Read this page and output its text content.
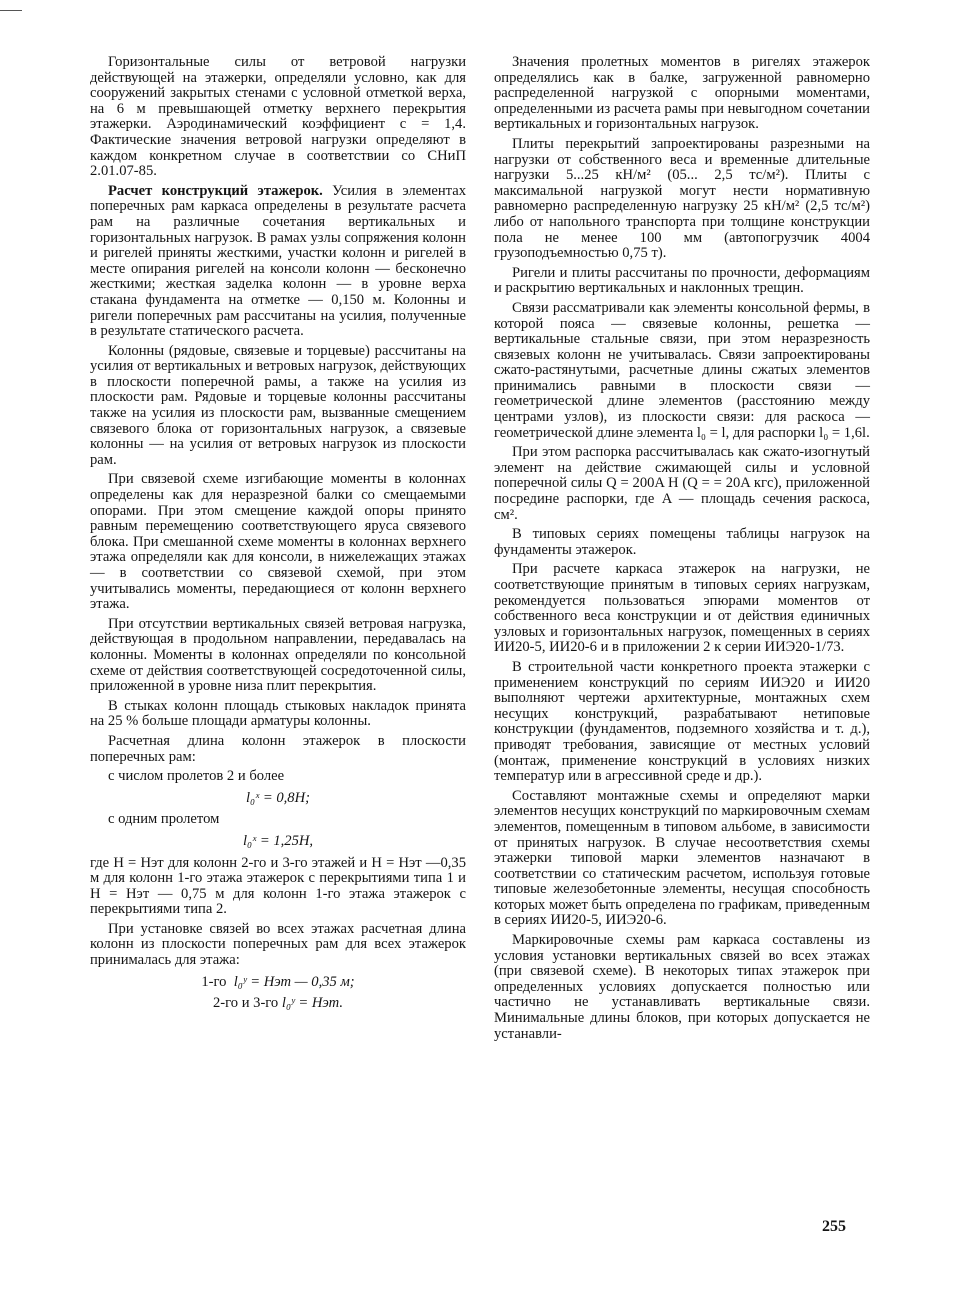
Горизонтальные силы от ветровой нагрузки действующей на этажерки, определяли условно, как для сооружений закрытых стенами с условной отметкой верха, на 6 м превышающей отметку верхнего перекрытия этажерки. Аэродинамический коэффициент c = 1,4. Фактические значения ветровой нагрузки определяют в каждом конкретном случае в соответствии со СНиП 2.01.07-85.

Расчет конструкций этажерок. Усилия в элементах поперечных рам каркаса определены в результате расчета рам на различные сочетания вертикальных и горизонтальных нагрузок. В рамах узлы сопряжения колонн и ригелей приняты жесткими, участки колонн и ригелей в месте опирания ригелей на консоли колонн — бесконечно жесткими; жесткая заделка колонн — в уровне верха стакана фундамента на отметке — 0,150 м. Колонны и ригели поперечных рам рассчитаны на усилия, полученные в результате статического расчета.

Колонны (рядовые, связевые и торцевые) рассчитаны на усилия от вертикальных и ветровых нагрузок, действующих в плоскости поперечной рамы, а также на усилия из плоскости рам. Рядовые и торцевые колонны рассчитаны также на усилия из плоскости рам, вызванные смещением связевого блока от горизонтальных нагрузок, а связевые колонны — на усилия от ветровых нагрузок из плоскости рам.

При связевой схеме изгибающие моменты в колоннах определены как для неразрезной балки со смещаемыми опорами. При этом смещение каждой опоры принято равным перемещению соответствующего яруса связевого блока. При смешанной схеме моменты в колоннах верхнего этажа определяли как для консоли, в нижележащих этажах — в соответствии со связевой схемой, при этом учитывались моменты, передающиеся от колонн верхнего этажа.

При отсутствии вертикальных связей ветровая нагрузка, действующая в продольном направлении, передавалась на колонны. Моменты в колоннах определяли по консольной схеме от действия соответствующей сосредоточенной силы, приложенной в уровне низа плит перекрытия.

В стыках колонн площадь стыковых накладок принята на 25 % больше площади арматуры колонны.

Расчетная длина колонн этажерок в плоскости поперечных рам:

с числом пролетов 2 и более

l₀ˣ = 0,8H;

с одним пролетом

l₀ˣ = 1,25H,

где H = Hэт для колонн 2-го и 3-го этажей и H = Hэт —0,35 м для колонн 1-го этажа этажерок с перекрытиями типа 1 и H = Hэт — 0,75 м для колонн 1-го этажа этажерок с перекрытиями типа 2.

При установке связей во всех этажах расчетная длина колонн из плоскости поперечных рам для всех этажерок принималась для этажа:

1-го l₀ʸ = Hэт — 0,35 м;

2-го и 3-го l₀ʸ = Hэт.

Значения пролетных моментов в ригелях этажерок определялись как в балке, загруженной равномерно распределенной нагрузкой с опорными моментами, определенными из расчета рамы при невыгодном сочетании вертикальных и горизонтальных нагрузок.

Плиты перекрытий запроектированы разрезными на нагрузки от собственного веса и временные длительные нагрузки 5...25 кН/м² (05... 2,5 тс/м²). Плиты с максимальной нагрузкой могут нести нормативную равномерно распределенную нагрузку 25 кН/м² (2,5 тс/м²) либо от напольного транспорта при толщине конструкции пола не менее 100 мм (автопогрузчик 4004 грузоподъемностью 0,75 т).

Ригели и плиты рассчитаны по прочности, деформациям и раскрытию вертикальных и наклонных трещин.

Связи рассматривали как элементы консольной фермы, в которой пояса — связевые колонны, решетка — вертикальные стальные связи, при этом неразрезность связевых колонн не учитывалась. Связи запроектированы сжато-растянутыми, расчетные длины сжатых элементов принимались равными в плоскости связи — геометрической длине элементов (расстоянию между центрами узлов), из плоскости связи: для раскоса — геометрической длине элемента l₀ = l, для распорки l₀ = 1,6l.

При этом распорка рассчитывалась как сжато-изогнутый элемент на действие сжимающей силы и условной поперечной силы Q = 200A Н (Q = = 20A кгс), приложенной посредине распорки, где A — площадь сечения раскоса, см².

В типовых сериях помещены таблицы нагрузок на фундаменты этажерок.

При расчете каркаса этажерок на нагрузки, не соответствующие принятым в типовых сериях нагрузкам, рекомендуется пользоваться эпюрами моментов от собственного веса конструкции и от действия единичных узловых и горизонтальных нагрузок, помещенных в сериях ИИ20-5, ИИ20-6 и в приложении 2 к серии ИИЭ20-1/73.

В строительной части конкретного проекта этажерки с применением конструкций по сериям ИИЭ20 и ИИ20 выполняют чертежи архитектурные, монтажных схем несущих конструкций, разрабатывают нетиповые конструкции (фундаментов, подземного хозяйства и т. д.), приводят требования, зависящие от местных условий (монтаж, применение конструкций в условиях низких температур или в агрессивной среде и др.).

Составляют монтажные схемы и определяют марки элементов несущих конструкций по маркировочным схемам элементов, помещенным в типовом альбоме, в зависимости от принятых нагрузок. В случае несоответствия схемы этажерки типовой марки элементов назначают в соответствии со статическим расчетом, используя готовые типовые железобетонные элементы, несущая способность которых может быть определена по графикам, приведенным в сериях ИИ20-5, ИИЭ20-6.

Маркировочные схемы рам каркаса составлены из условия установки вертикальных связей во всех этажах (при связевой схеме). В некоторых типах этажерок при определенных условиях допускается полностью или частично не устанавливать вертикальные связи. Минимальные длины блоков, при которых допускается не устанавли-

255
